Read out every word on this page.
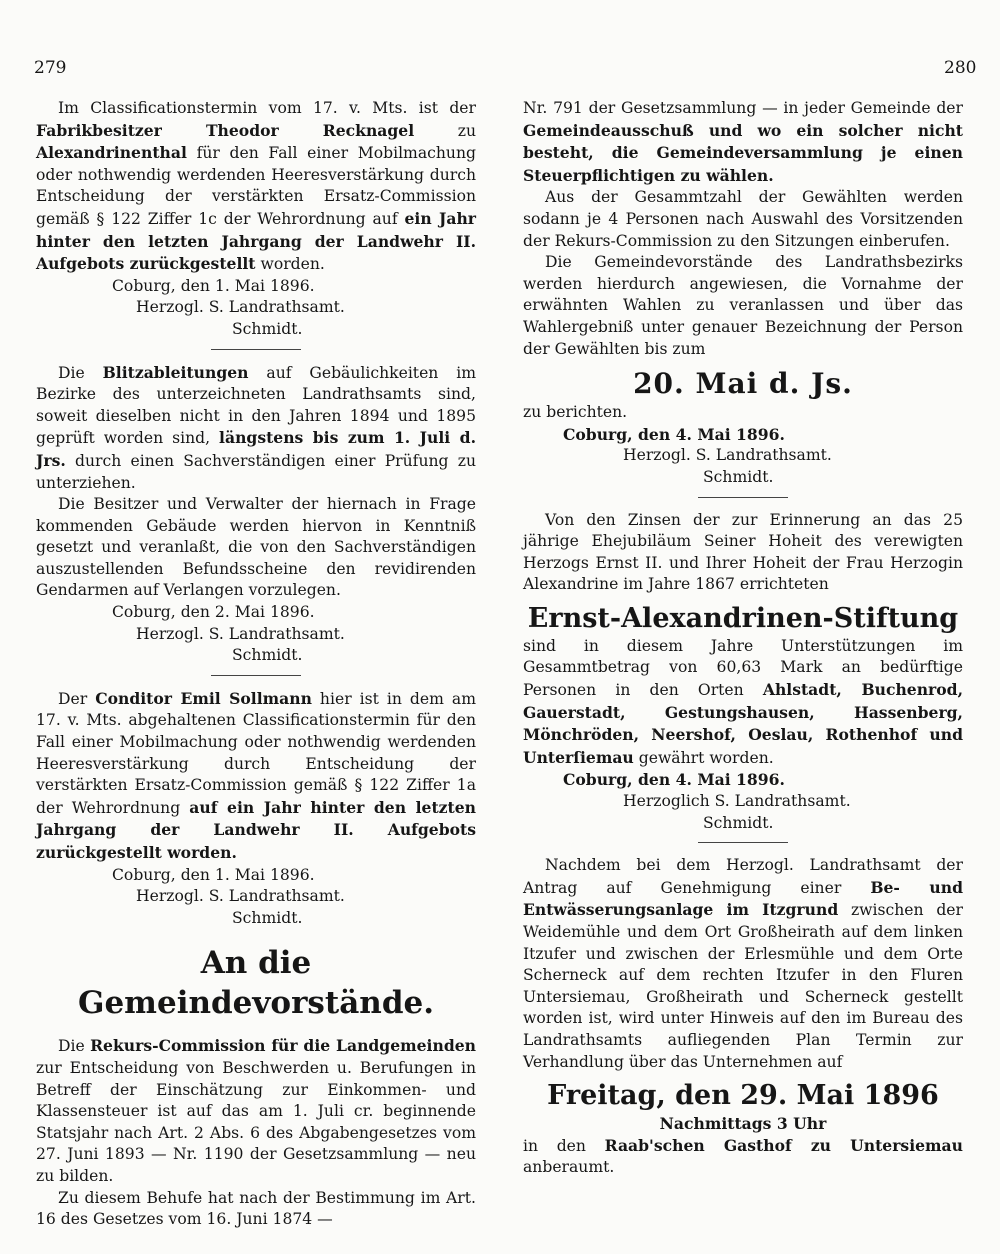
279	280

Im Classificationstermin vom 17. v. Mts. ist der Fabrikbesitzer Theodor Recknagel zu Alexandrinenthal für den Fall einer Mobilmachung oder nothwendig werdenden Heeresverstärkung durch Entscheidung der verstärkten Ersatz-Commission gemäß § 122 Ziffer 1c der Wehrordnung auf ein Jahr hinter den letzten Jahrgang der Landwehr II. Aufgebots zurückgestellt worden.

Coburg, den 1. Mai 1896.

Herzogl. S. Landrathsamt.

Schmidt.

Die Blitzableitungen auf Gebäulichkeiten im Bezirke des unterzeichneten Landrathsamts sind, soweit dieselben nicht in den Jahren 1894 und 1895 geprüft worden sind, längstens bis zum 1. Juli d. Jrs. durch einen Sachverständigen einer Prüfung zu unterziehen.

Die Besitzer und Verwalter der hiernach in Frage kommenden Gebäude werden hiervon in Kenntniß gesetzt und veranlaßt, die von den Sachverständigen auszustellenden Befundsscheine den revidirenden Gendarmen auf Verlangen vorzulegen.

Coburg, den 2. Mai 1896.

Herzogl. S. Landrathsamt.

Schmidt.

Der Conditor Emil Sollmann hier ist in dem am 17. v. Mts. abgehaltenen Classificationstermin für den Fall einer Mobilmachung oder nothwendig werdenden Heeresverstärkung durch Entscheidung der verstärkten Ersatz-Commission gemäß § 122 Ziffer 1a der Wehrordnung auf ein Jahr hinter den letzten Jahrgang der Landwehr II. Aufgebots zurückgestellt worden.

Coburg, den 1. Mai 1896.

Herzogl. S. Landrathsamt.

Schmidt.

An die Gemeindevorstände.

Die Rekurs-Commission für die Landgemeinden zur Entscheidung von Beschwerden u. Berufungen in Betreff der Einschätzung zur Einkommen- und Klassensteuer ist auf das am 1. Juli cr. beginnende Statsjahr nach Art. 2 Abs. 6 des Abgabengesetzes vom 27. Juni 1893 — Nr. 1190 der Gesetzsammlung — neu zu bilden.

Zu diesem Behufe hat nach der Bestimmung im Art. 16 des Gesetzes vom 16. Juni 1874 —

Nr. 791 der Gesetzsammlung — in jeder Gemeinde der Gemeindeausschuß und wo ein solcher nicht besteht, die Gemeindeversammlung je einen Steuerpflichtigen zu wählen.

Aus der Gesammtzahl der Gewählten werden sodann je 4 Personen nach Auswahl des Vorsitzenden der Rekurs-Commission zu den Sitzungen einberufen.

Die Gemeindevorstände des Landrathsbezirks werden hierdurch angewiesen, die Vornahme der erwähnten Wahlen zu veranlassen und über das Wahlergebniß unter genauer Bezeichnung der Person der Gewählten bis zum

20. Mai d. Js.

zu berichten.

Coburg, den 4. Mai 1896.

Herzogl. S. Landrathsamt.

Schmidt.

Von den Zinsen der zur Erinnerung an das 25 jährige Ehejubiläum Seiner Hoheit des verewigten Herzogs Ernst II. und Ihrer Hoheit der Frau Herzogin Alexandrine im Jahre 1867 errichteten

Ernst-Alexandrinen-Stiftung

sind in diesem Jahre Unterstützungen im Gesammtbetrag von 60,63 Mark an bedürftige Personen in den Orten Ahlstadt, Buchenrod, Gauerstadt, Gestungshausen, Hassenberg, Mönchröden, Neershof, Oeslau, Rothenhof und Unterſiemau gewährt worden.

Coburg, den 4. Mai 1896.

Herzoglich S. Landrathsamt.

Schmidt.

Nachdem bei dem Herzogl. Landrathsamt der Antrag auf Genehmigung einer Be- und Entwässerungsanlage im Itzgrund zwischen der Weidemühle und dem Ort Großheirath auf dem linken Itzufer und zwischen der Erlesmühle und dem Orte Scherneck auf dem rechten Itzufer in den Fluren Untersiemau, Großheirath und Scherneck gestellt worden ist, wird unter Hinweis auf den im Bureau des Landrathsamts aufliegenden Plan Termin zur Verhandlung über das Unternehmen auf

Freitag, den 29. Mai 1896

Nachmittags 3 Uhr

in den Raab'schen Gasthof zu Untersiemau anberaumt.
